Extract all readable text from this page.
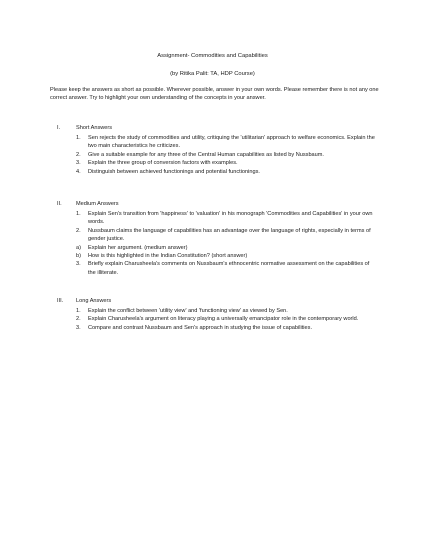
Assignment- Commodities and Capabilities
(by Ritika Palit: TA, HDP Course)
Please keep the answers as short as possible. Wherever possible, answer in your own words. Please remember there is not any one correct answer. Try to highlight your own understanding of the concepts in your answer.
I.	Short Answers
1. Sen rejects the study of commodities and utility, critiquing the 'utilitarian' approach to welfare economics. Explain the two main characteristics he criticizes.
2. Give a suitable example for any three of the Central Human capabilities as listed by Nussbaum.
3. Explain the three group of conversion factors with examples.
4. Distinguish between achieved functionings and potential functionings.
II.	Medium Answers
1. Explain Sen's transition from 'happiness' to 'valuation' in his monograph 'Commodities and Capabilities' in your own words.
2. Nussbaum claims the language of capabilities has an advantage over the language of rights, especially in terms of gender justice.
a) Explain her argument. (medium answer)
b) How is this highlighted in the Indian Constitution? (short answer)
3. Briefly explain Charusheela's comments on Nussbaum's ethnocentric normative assessment on the capabilities of the illiterate.
III. Long Answers
1. Explain the conflict between 'utility view' and 'functioning view' as viewed by Sen.
2. Explain Charusheela's argument on literacy playing a universally emancipator role in the contemporary world.
3. Compare and contrast Nussbaum and Sen's approach in studying the issue of capabilities.
